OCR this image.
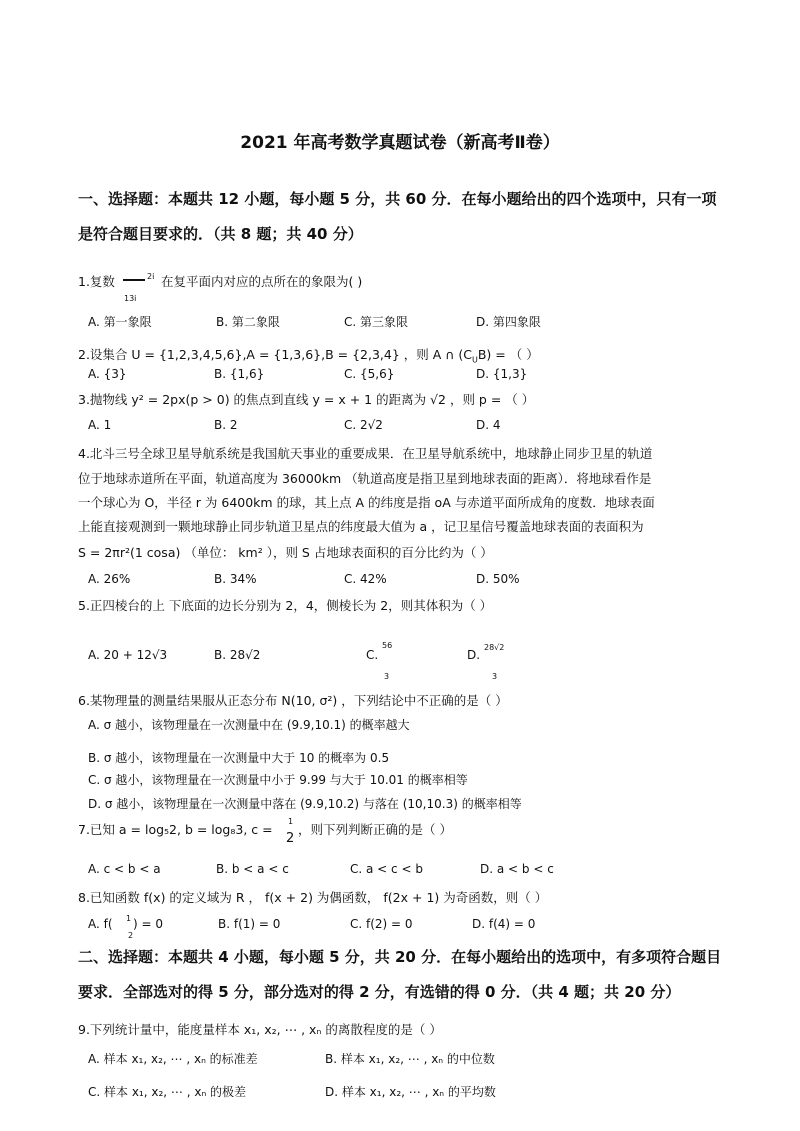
2021 年高考数学真题试卷（新高考Ⅱ卷）
一、选择题：本题共 12 小题，每小题 5 分，共 60 分．在每小题给出的四个选项中，只有一项是符合题目要求的．（共 8 题；共 40 分）
1.复数	2i
13i
在复平面内对应的点所在的象限为( )
A. 第一象限	B. 第二象限	C. 第三象限	D. 第四象限
2.设集合 U = {1,2,3,4,5,6},A = {1,3,6},B = {2,3,4} ，则 A ∩ $(C_UB)$ = （ ）
A. {3}	B. {1,6}	C. {5,6}	D. {1,3}
3.抛物线 y² = 2px(p > 0) 的焦点到直线 y = x + 1 的距离为 √2 ，则 p = （ ）
A. 1	B. 2	C. 2√2	D. 4
4.北斗三号全球卫星导航系统是我国航天事业的重要成果．在卫星导航系统中，地球静止同步卫星的轨道
位于地球赤道所在平面，轨道高度为 36000km （轨道高度是指卫星到地球表面的距离）．将地球看作是
一个球心为 O，半径 r 为 6400km 的球，其上点 A 的纬度是指 oA 与赤道平面所成角的度数．地球表面
上能直接观测到一颗地球静止同步轨道卫星点的纬度最大值为 a ，记卫星信号覆盖地球表面的表面积为
S = 2πr²(1 cosa) （单位： km² ），则 S 占地球表面积的百分比约为（ ）
A. 26%	B. 34%	C. 42%	D. 50%
5.正四棱台的上 下底面的边长分别为 2，4，侧棱长为 2，则其体积为（ ）
A. 20 + 12√3	B. 28√2	C.
56
3
D.
28√2
3
6.某物理量的测量结果服从正态分布 N(10, σ²) ，下列结论中不正确的是（ ）
A. σ 越小，该物理量在一次测量中在 (9.9,10.1) 的概率越大
B. σ 越小，该物理量在一次测量中大于 10 的概率为 0.5
C. σ 越小，该物理量在一次测量中小于 9.99 与大于 10.01 的概率相等
D. σ 越小，该物理量在一次测量中落在 (9.9,10.2) 与落在 (10,10.3) 的概率相等
7.已知 a = log₅2, b = log₈3, c =
1
2
，则下列判断正确的是（ ）
A. c < b < a	B. b < a < c	C. a < c < b	D. a < b < c
8.已知函数 f(x) 的定义域为 R ， f(x + 2) 为偶函数， f(2x + 1) 为奇函数，则（ ）
A. f( 1
2
) = 0	B. f(1) = 0	C. f(2) = 0	D. f(4) = 0
二、选择题：本题共 4 小题，每小题 5 分，共 20 分．在每小题给出的选项中，有多项符合题目要求．全部选对的得 5 分，部分选对的得 2 分，有选错的得 0 分．（共 4 题；共 20 分）
9.下列统计量中，能度量样本 x₁, x₂, ⋯ , xₙ 的离散程度的是（ ）
A. 样本 x₁, x₂, ⋯ , xₙ 的标准差	B. 样本 x₁, x₂, ⋯ , xₙ 的中位数
C. 样本 x₁, x₂, ⋯ , xₙ 的极差	D. 样本 x₁, x₂, ⋯ , xₙ 的平均数
